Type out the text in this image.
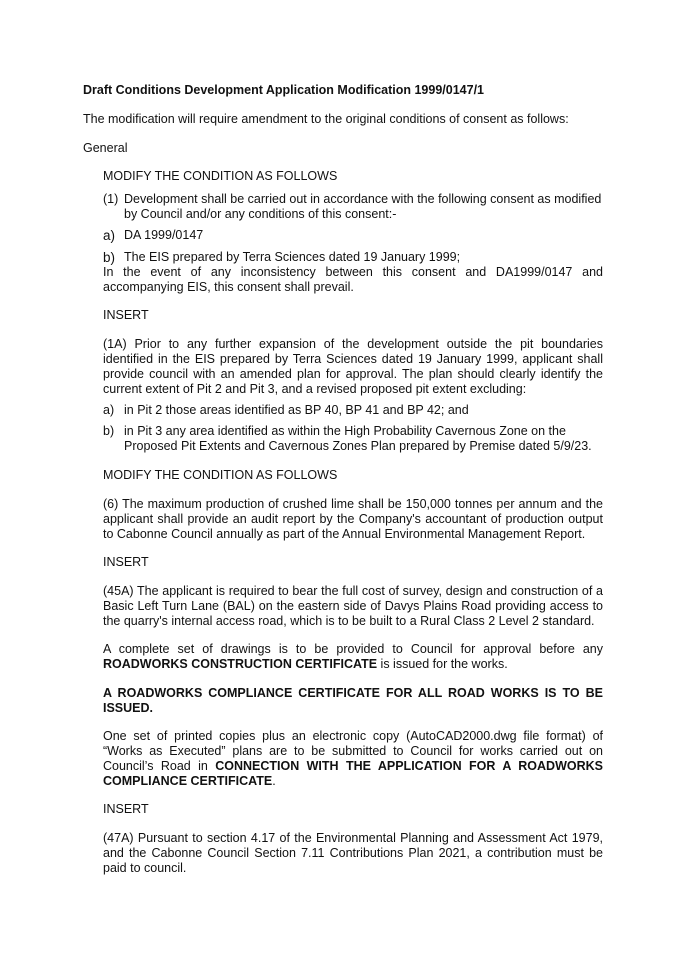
Draft Conditions Development Application Modification 1999/0147/1

The modification will require amendment to the original conditions of consent as follows:

General

MODIFY THE CONDITION AS FOLLOWS

(1) Development shall be carried out in accordance with the following consent as modified by Council and/or any conditions of this consent:-
a) DA 1999/0147
b) The EIS prepared by Terra Sciences dated 19 January 1999;

In the event of any inconsistency between this consent and DA1999/0147 and accompanying EIS, this consent shall prevail.

INSERT

(1A) Prior to any further expansion of the development outside the pit boundaries identified in the EIS prepared by Terra Sciences dated 19 January 1999, applicant shall provide council with an amended plan for approval. The plan should clearly identify the current extent of Pit 2 and Pit 3, and a revised proposed pit extent excluding:

a) in Pit 2 those areas identified as BP 40, BP 41 and BP 42; and
b) in Pit 3 any area identified as within the High Probability Cavernous Zone on the Proposed Pit Extents and Cavernous Zones Plan prepared by Premise dated 5/9/23.

MODIFY THE CONDITION AS FOLLOWS

(6) The maximum production of crushed lime shall be 150,000 tonnes per annum and the applicant shall provide an audit report by the Company's accountant of production output to Cabonne Council annually as part of the Annual Environmental Management Report.

INSERT

(45A) The applicant is required to bear the full cost of survey, design and construction of a Basic Left Turn Lane (BAL) on the eastern side of Davys Plains Road providing access to the quarry's internal access road, which is to be built to a Rural Class 2 Level 2 standard.

A complete set of drawings is to be provided to Council for approval before any ROADWORKS CONSTRUCTION CERTIFICATE is issued for the works.

A ROADWORKS COMPLIANCE CERTIFICATE FOR ALL ROAD WORKS IS TO BE ISSUED.

One set of printed copies plus an electronic copy (AutoCAD2000.dwg file format) of “Works as Executed” plans are to be submitted to Council for works carried out on Council’s Road in CONNECTION WITH THE APPLICATION FOR A ROADWORKS COMPLIANCE CERTIFICATE.

INSERT

(47A) Pursuant to section 4.17 of the Environmental Planning and Assessment Act 1979, and the Cabonne Council Section 7.11 Contributions Plan 2021, a contribution must be paid to council.
